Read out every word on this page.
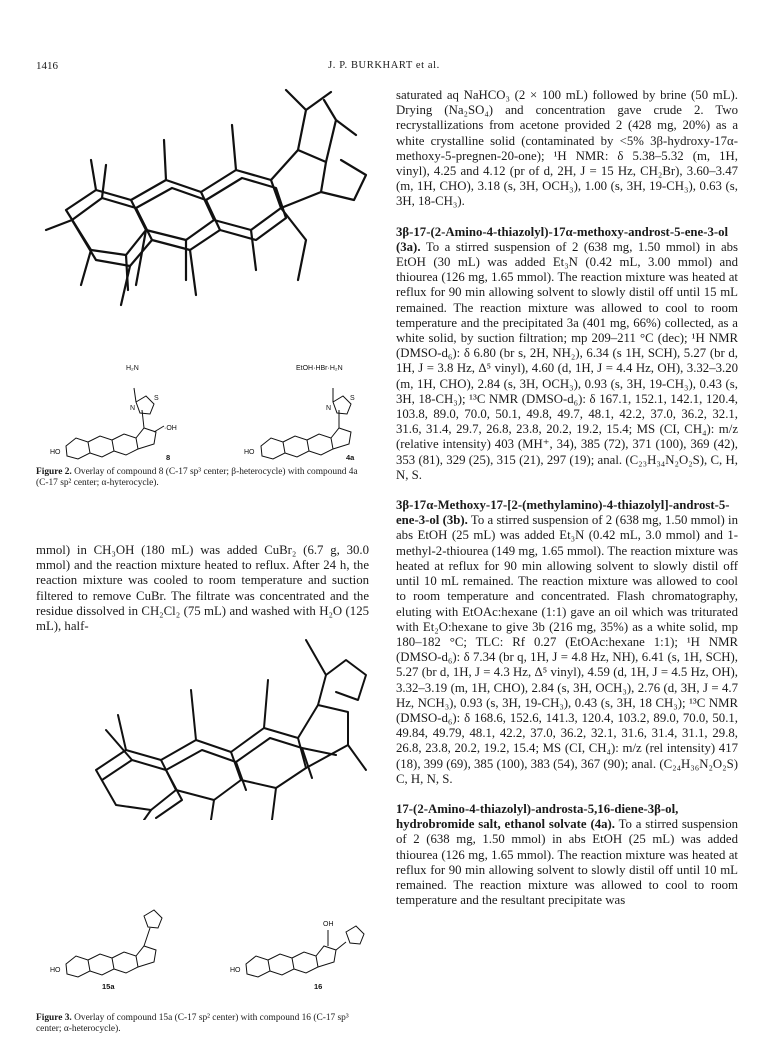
1416	J. P. BURKHART et al.
H₂N
N
S
·OH
HO
8
EtOH·HBr·H₂N
N
S
HO
4a
Figure 2. Overlay of compound 8 (C-17 sp³ center; β-heterocycle) with compound 4a (C-17 sp² center; α-hyterocycle).
mmol) in CH₃OH (180 mL) was added CuBr₂ (6.7 g, 30.0 mmol) and the reaction mixture heated to reflux. After 24 h, the reaction mixture was cooled to room temperature and suction filtered to remove CuBr. The filtrate was concentrated and the residue dissolved in CH₂Cl₂ (75 mL) and washed with H₂O (125 mL), half-
HO
15a
OH
HO
16
Figure 3. Overlay of compound 15a (C-17 sp² center) with compound 16 (C-17 sp³ center; α-heterocycle).

saturated aq NaHCO₃ (2 × 100 mL) followed by brine (50 mL). Drying (Na₂SO₄) and concentration gave crude 2. Two recrystallizations from acetone provided 2 (428 mg, 20%) as a white crystalline solid (contaminated by <5% 3β-hydroxy-17α-methoxy-5-pregnen-20-one); ¹H NMR: δ 5.38–5.32 (m, 1H, vinyl), 4.25 and 4.12 (pr of d, 2H, J = 15 Hz, CH₂Br), 3.60–3.47 (m, 1H, CHO), 3.18 (s, 3H, OCH₃), 1.00 (s, 3H, 19-CH₃), 0.63 (s, 3H, 18-CH₃).

3β-17-(2-Amino-4-thiazolyl)-17α-methoxy-androst-5-ene-3-ol (3a). To a stirred suspension of 2 (638 mg, 1.50 mmol) in abs EtOH (30 mL) was added Et₃N (0.42 mL, 3.00 mmol) and thiourea (126 mg, 1.65 mmol). The reaction mixture was heated at reflux for 90 min allowing solvent to slowly distil off until 15 mL remained. The reaction mixture was allowed to cool to room temperature and the precipitated 3a (401 mg, 66%) collected, as a white solid, by suction filtration; mp 209–211 °C (dec); ¹H NMR (DMSO-d₆): δ 6.80 (br s, 2H, NH₂), 6.34 (s 1H, SCH), 5.27 (br d, 1H, J = 3.8 Hz, Δ⁵ vinyl), 4.60 (d, 1H, J = 4.4 Hz, OH), 3.32–3.20 (m, 1H, CHO), 2.84 (s, 3H, OCH₃), 0.93 (s, 3H, 19-CH₃), 0.43 (s, 3H, 18-CH₃); ¹³C NMR (DMSO-d₆): δ 167.1, 152.1, 142.1, 120.4, 103.8, 89.0, 70.0, 50.1, 49.8, 49.7, 48.1, 42.2, 37.0, 36.2, 32.1, 31.6, 31.4, 29.7, 26.8, 23.8, 20.2, 19.2, 15.4; MS (CI, CH₄): m/z (relative intensity) 403 (MH⁺, 34), 385 (72), 371 (100), 369 (42), 353 (81), 329 (25), 315 (21), 297 (19); anal. (C₂₃H₃₄N₂O₂S), C, H, N, S.

3β-17α-Methoxy-17-[2-(methylamino)-4-thiazolyl]-androst-5-ene-3-ol (3b). To a stirred suspension of 2 (638 mg, 1.50 mmol) in abs EtOH (25 mL) was added Et₃N (0.42 mL, 3.0 mmol) and 1-methyl-2-thiourea (149 mg, 1.65 mmol). The reaction mixture was heated at reflux for 90 min allowing solvent to slowly distil off until 10 mL remained. The reaction mixture was allowed to cool to room temperature and concentrated. Flash chromatography, eluting with EtOAc:hexane (1:1) gave an oil which was triturated with Et₂O:hexane to give 3b (216 mg, 35%) as a white solid, mp 180–182 °C; TLC: Rf 0.27 (EtOAc:hexane 1:1); ¹H NMR (DMSO-d₆): δ 7.34 (br q, 1H, J = 4.8 Hz, NH), 6.41 (s, 1H, SCH), 5.27 (br d, 1H, J = 4.3 Hz, Δ⁵ vinyl), 4.59 (d, 1H, J = 4.5 Hz, OH), 3.32–3.19 (m, 1H, CHO), 2.84 (s, 3H, OCH₃), 2.76 (d, 3H, J = 4.7 Hz, NCH₃), 0.93 (s, 3H, 19-CH₃), 0.43 (s, 3H, 18 CH₃); ¹³C NMR (DMSO-d₆): δ 168.6, 152.6, 141.3, 120.4, 103.2, 89.0, 70.0, 50.1, 49.84, 49.79, 48.1, 42.2, 37.0, 36.2, 32.1, 31.6, 31.4, 31.1, 29.8, 26.8, 23.8, 20.2, 19.2, 15.4; MS (CI, CH₄): m/z (rel intensity) 417 (18), 399 (69), 385 (100), 383 (54), 367 (90); anal. (C₂₄H₃₆N₂O₂S) C, H, N, S.

17-(2-Amino-4-thiazolyl)-androsta-5,16-diene-3β-ol, hydrobromide salt, ethanol solvate (4a). To a stirred suspension of 2 (638 mg, 1.50 mmol) in abs EtOH (25 mL) was added thiourea (126 mg, 1.65 mmol). The reaction mixture was heated at reflux for 90 min allowing solvent to slowly distil off until 10 mL remained. The reaction mixture was allowed to cool to room temperature and the resultant precipitate was
